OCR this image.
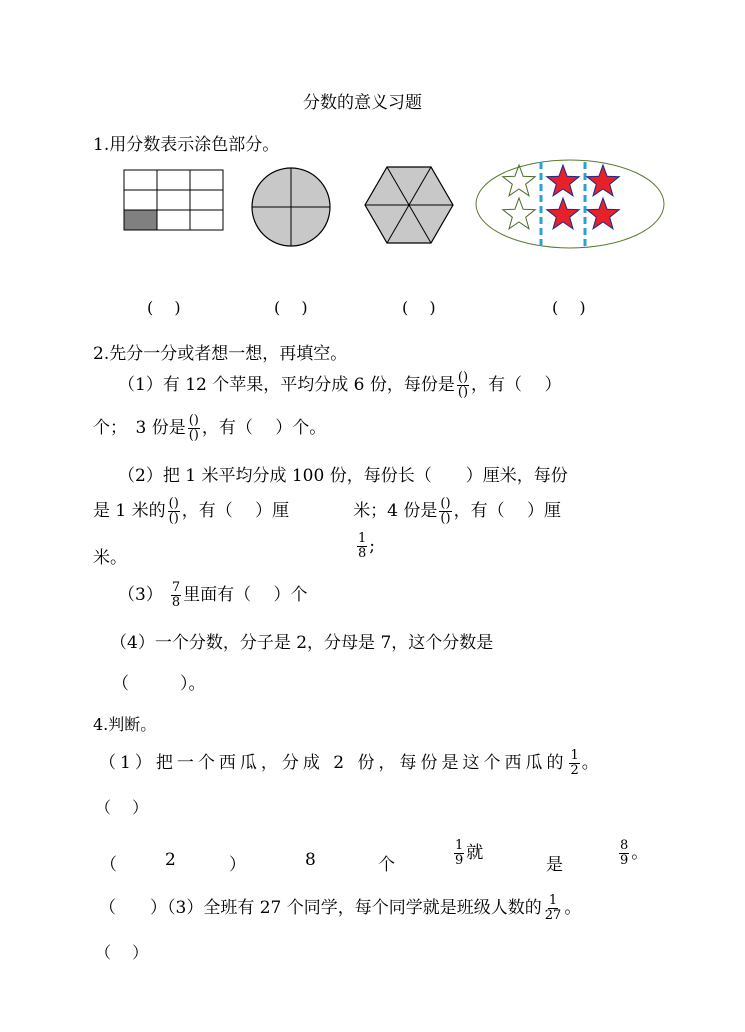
分数的意义习题
1.用分数表示涂色部分。
(　 )	(　 )	(　 )	(　 )
2.先分一分或者想一想，再填空。
（1）有 12 个苹果，平均分成 6 份，每份是 $\frac{()}{()}$ ，有（　 ）
个；　3 份是 $\frac{()}{()}$ ，有（　 ）个。
（2）把 1 米平均分成 100 份，每份长（　　）厘米，每份
是 1 米的 $\frac{()}{()}$ ，有（　 ）厘	米；4 份是 $\frac{()}{()}$ ，有（　 ）厘
米。	$\frac{1}{8}$ ;
$(3) \frac{7}{8}$ 里面有（　 ）个
（4）一个分数，分子是 2，分母是 7，这个分数是
（　　　）。
4.判断。
（1）把一个西瓜，分成 2 份，每份是这个西瓜的 $\frac{1}{2}$ 。
（　 ）
（	2	）	8	个	$\frac{1}{9}$ 就
是	$\frac{8}{9}$ 。
（　　）（3）全班有 27 个同学，每个同学就是班级人数的 $\frac{1}{27}$ 。
（　 ）
